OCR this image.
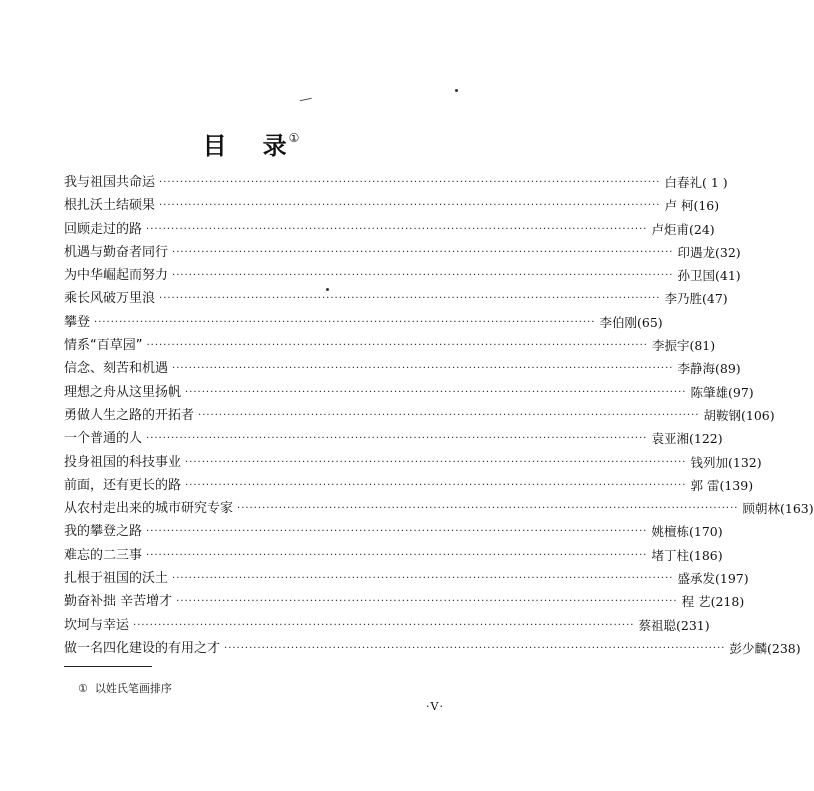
目 录①
我与祖国共命运 ························································································································ 白春礼 ( 1 )
根扎沃土结硕果 ························································································································ 卢 柯 (16)
回顾走过的路 ························································································································ 卢炬甫 (24)
机遇与勤奋者同行 ························································································································ 印遇龙 (32)
为中华崛起而努力 ························································································································ 孙卫国 (41)
乘长风破万里浪 ························································································································ 李乃胜 (47)
攀登 ························································································································ 李伯刚 (65)
情系“百草园” ························································································································ 李振宇 (81)
信念、刻苦和机遇 ························································································································ 李静海 (89)
理想之舟从这里扬帆 ························································································································ 陈肇雄 (97)
勇做人生之路的开拓者 ························································································································ 胡鞍钢 (106)
一个普通的人 ························································································································ 袁亚湘 (122)
投身祖国的科技事业 ························································································································ 钱列加 (132)
前面，还有更长的路 ························································································································ 郭 雷 (139)
从农村走出来的城市研究专家 ························································································································ 顾朝林 (163)
我的攀登之路 ························································································································ 姚檀栋 (170)
难忘的二三事 ························································································································ 堵丁柱 (186)
扎根于祖国的沃土 ························································································································ 盛承发 (197)
勤奋补拙 辛苦增才 ························································································································ 程 艺 (218)
坎坷与幸运 ························································································································ 蔡祖聪 (231)
做一名四化建设的有用之才 ························································································································ 彭少麟 (238)
① 以姓氏笔画排序
·V·
